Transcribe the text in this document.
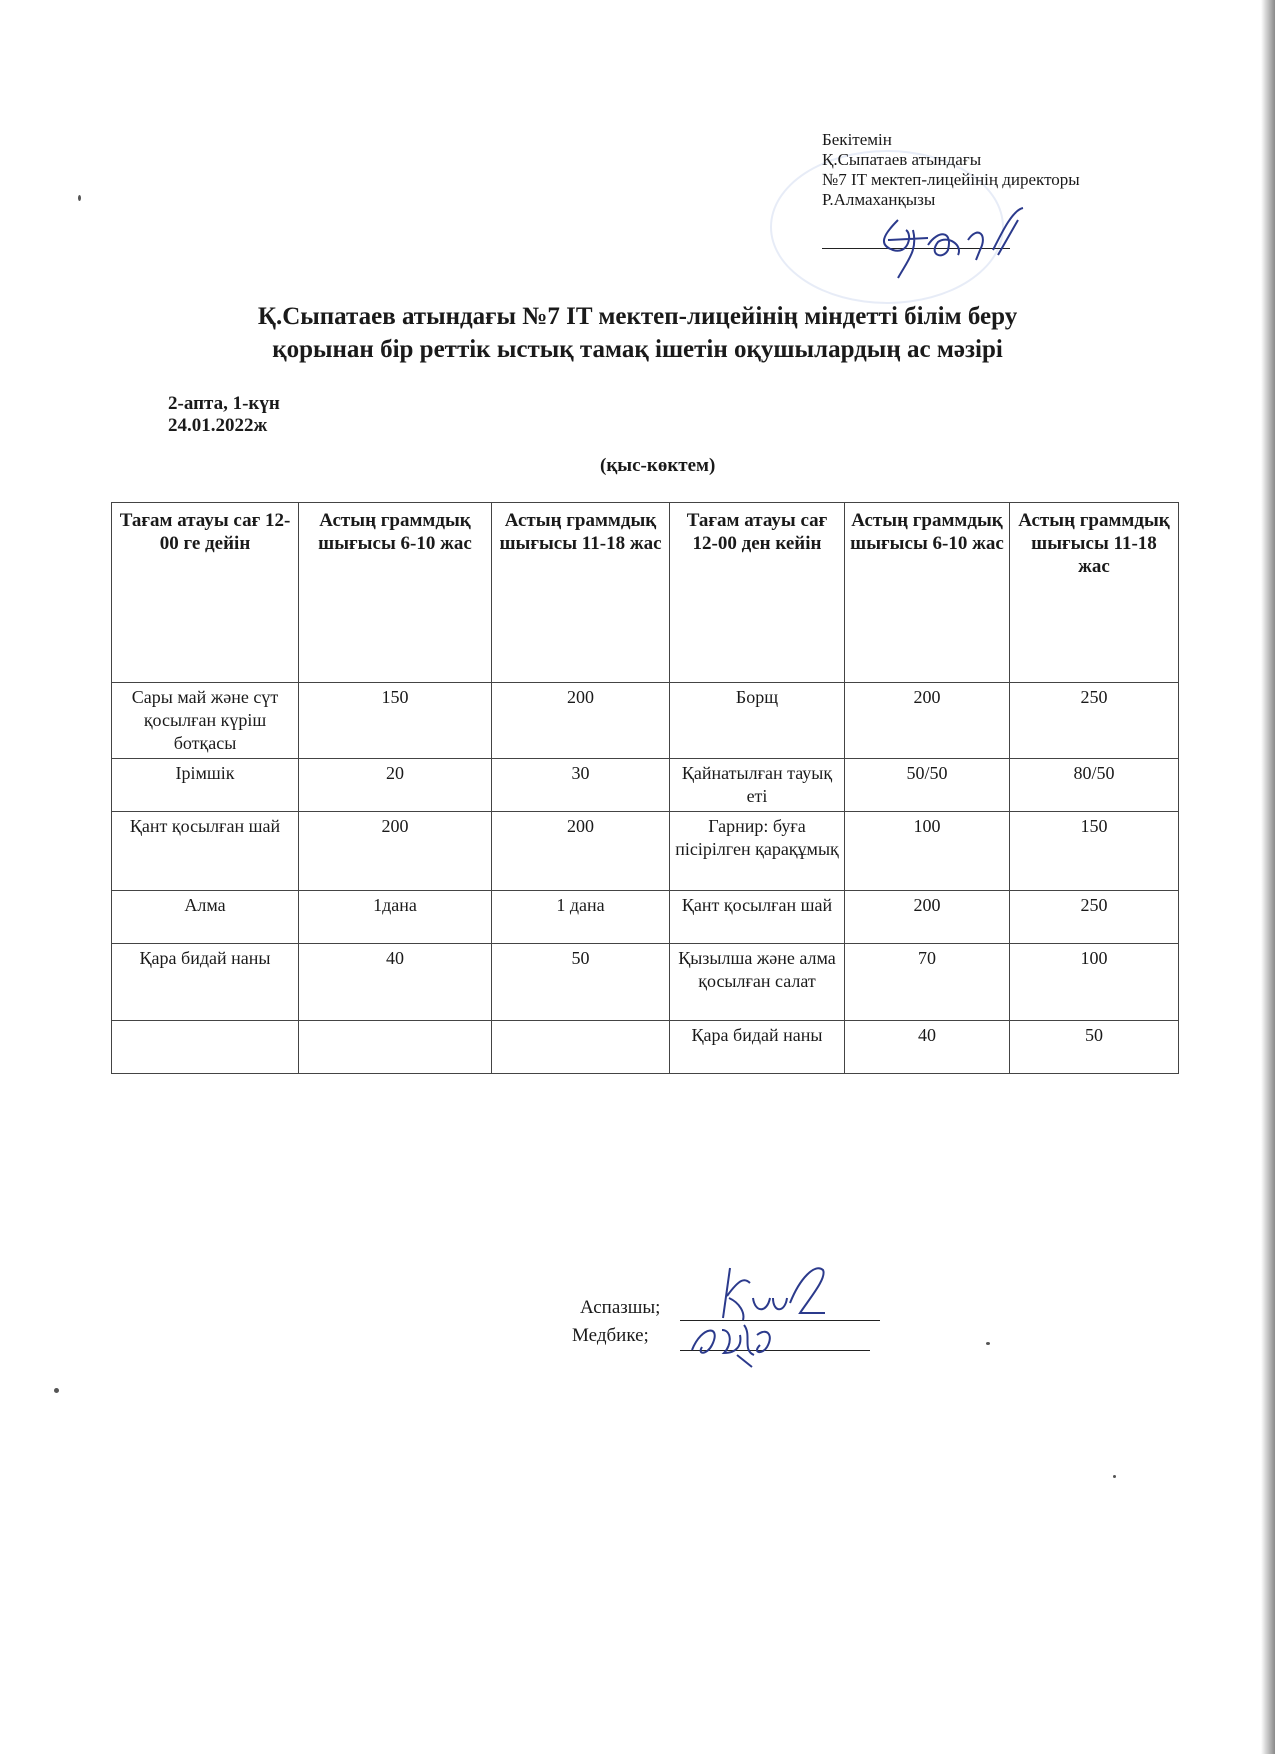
Бекітемін
Қ.Сыпатаев атындағы
№7 IT мектеп-лицейінің директоры
Р.Алмаханқызы
Қ.Сыпатаев атындағы №7 IT мектеп-лицейінің міндетті білім беру
қорынан бір реттік ыстық тамақ ішетін оқушылардың ас мәзірі
2-апта, 1-күн
24.01.2022ж
(қыс-көктем)
Тағам атауы сағ 12-00 ге дейін	Астың граммдық шығысы 6-10 жас	Астың граммдық шығысы 11-18 жас	Тағам атауы сағ 12-00 ден кейін	Астың граммдық шығысы 6-10 жас	Астың граммдық шығысы 11-18 жас
Сары май және сүт қосылған күріш ботқасы	150	200	Борщ	200	250
Ірімшік	20	30	Қайнатылған тауық еті	50/50	80/50
Қант қосылған шай	200	200	Гарнир: буға пісірілген қарақұмық	100	150
Алма	1дана	1 дана	Қант қосылған шай	200	250
Қара бидай наны	40	50	Қызылша және алма қосылған салат	70	100
			Қара бидай наны	40	50
Аспазшы;
Медбике;
